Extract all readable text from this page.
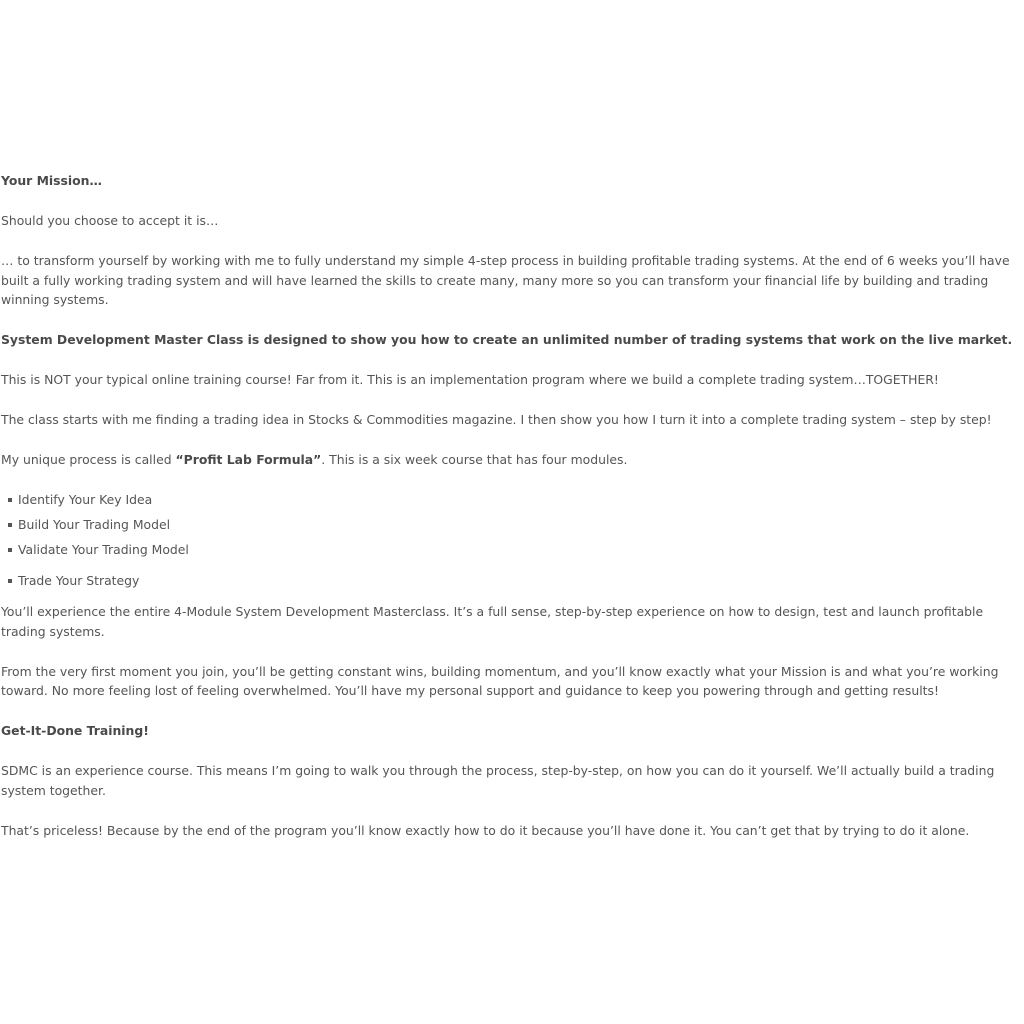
Your Mission…

Should you choose to accept it is…

… to transform yourself by working with me to fully understand my simple 4-step process in building profitable trading systems. At the end of 6 weeks you’ll have built a fully working trading system and will have learned the skills to create many, many more so you can transform your financial life by building and trading winning systems.

System Development Master Class is designed to show you how to create an unlimited number of trading systems that work on the live market.

This is NOT your typical online training course! Far from it. This is an implementation program where we build a complete trading system…TOGETHER!

The class starts with me finding a trading idea in Stocks & Commodities magazine. I then show you how I turn it into a complete trading system – step by step!

My unique process is called “Profit Lab Formula”. This is a six week course that has four modules.

Identify Your Key Idea
Build Your Trading Model
Validate Your Trading Model
Trade Your Strategy

You’ll experience the entire 4-Module System Development Masterclass. It’s a full sense, step-by-step experience on how to design, test and launch profitable trading systems.

From the very first moment you join, you’ll be getting constant wins, building momentum, and you’ll know exactly what your Mission is and what you’re working toward. No more feeling lost of feeling overwhelmed. You’ll have my personal support and guidance to keep you powering through and getting results!

Get-It-Done Training!

SDMC is an experience course. This means I’m going to walk you through the process, step-by-step, on how you can do it yourself. We’ll actually build a trading system together.

That’s priceless! Because by the end of the program you’ll know exactly how to do it because you’ll have done it. You can’t get that by trying to do it alone.
